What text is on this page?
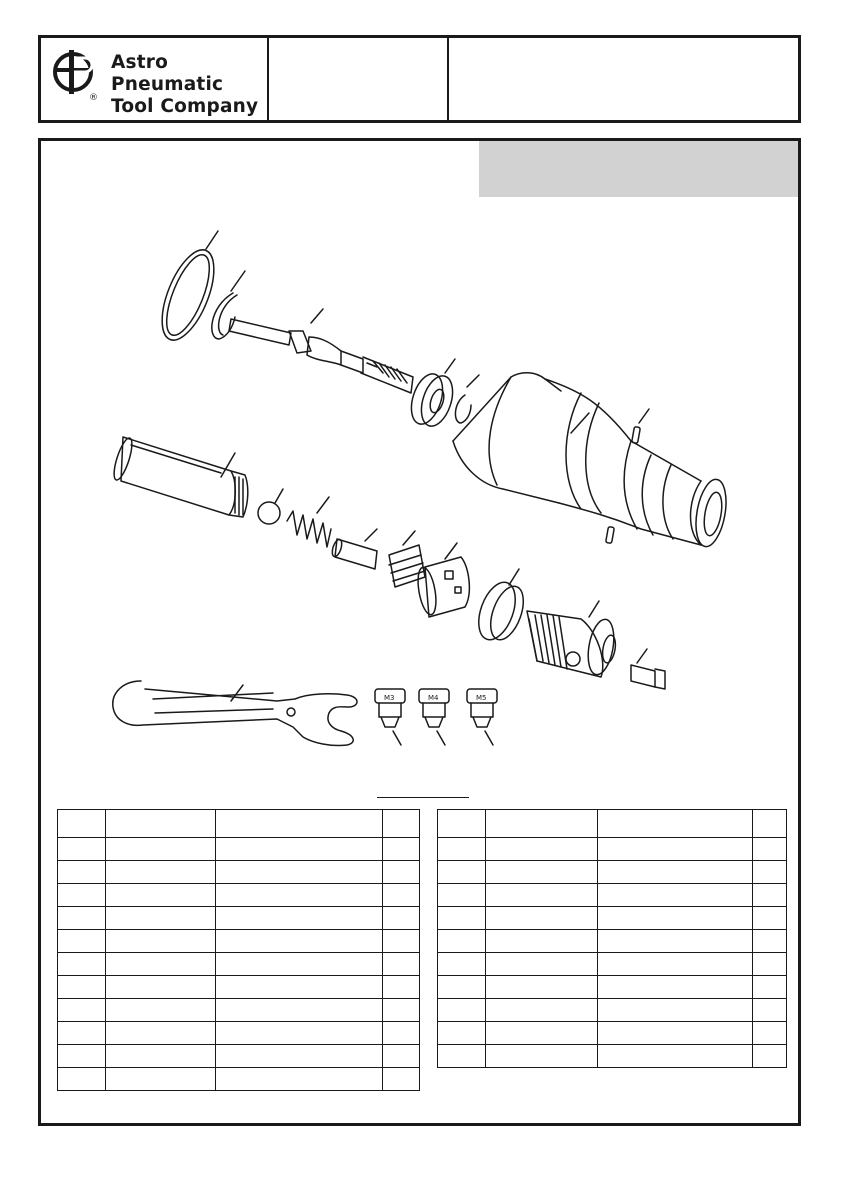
®
Astro Pneumatic
Tool Company
M3	M4	M5
